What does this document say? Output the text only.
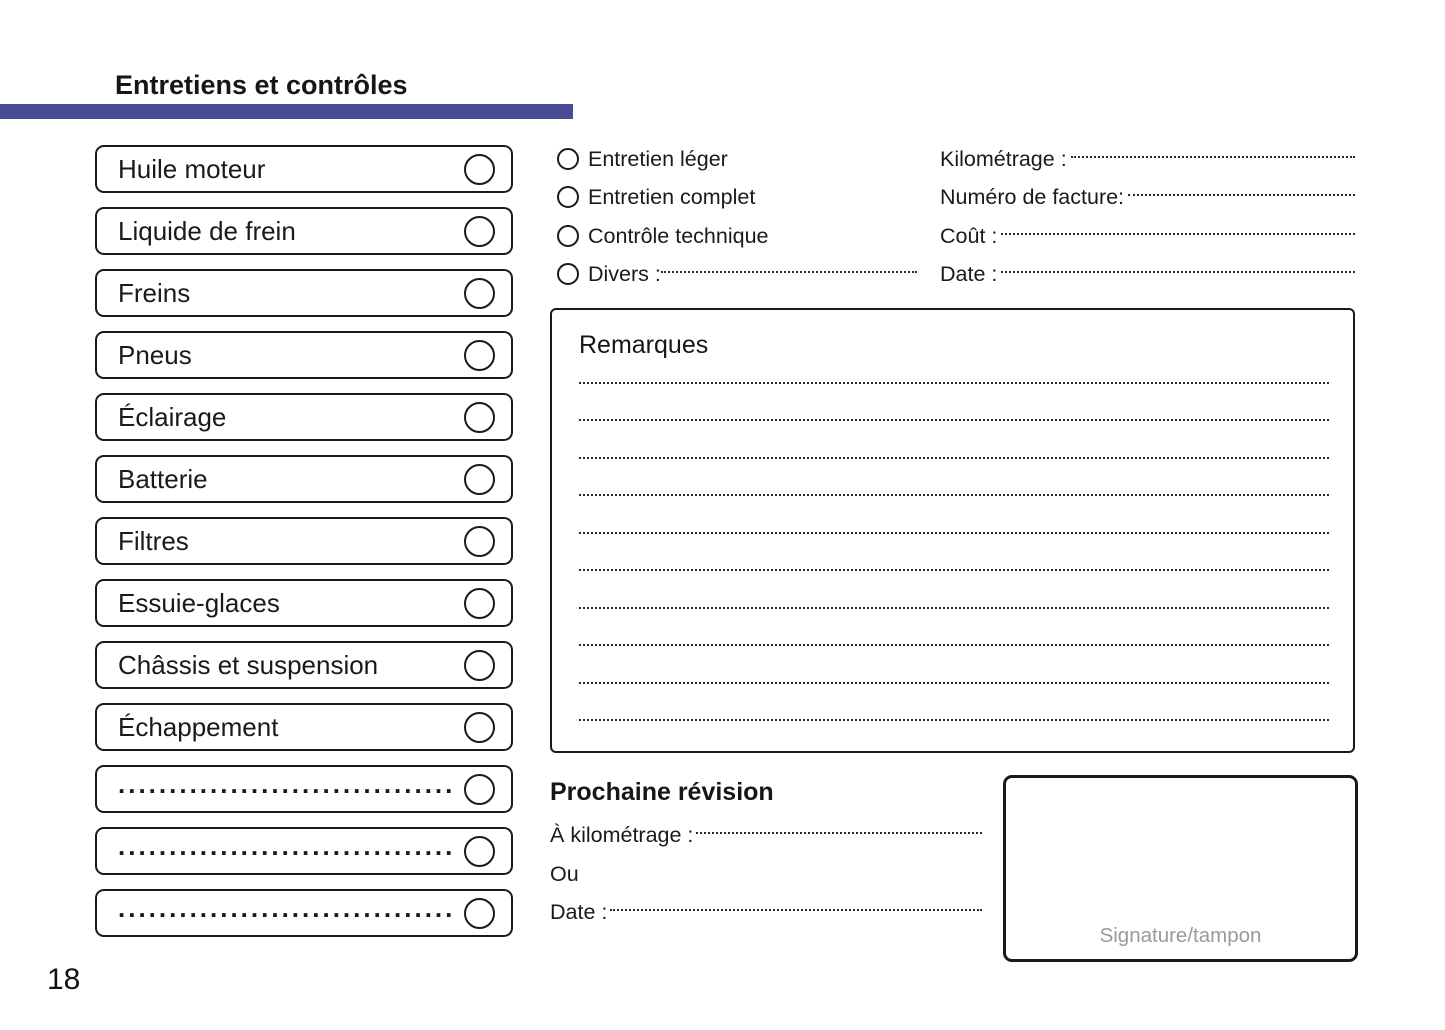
Entretiens et contrôles
Huile moteur
Liquide de frein
Freins
Pneus
Éclairage
Batterie
Filtres
Essuie-glaces
Châssis et suspension
Échappement
.................................
.................................
.................................
Entretien léger
Entretien complet
Contrôle technique
Divers :
Kilométrage :
Numéro de facture:
Coût :
Date :
Remarques
Prochaine révision
À kilométrage :
Ou
Date :
Signature/tampon
18
